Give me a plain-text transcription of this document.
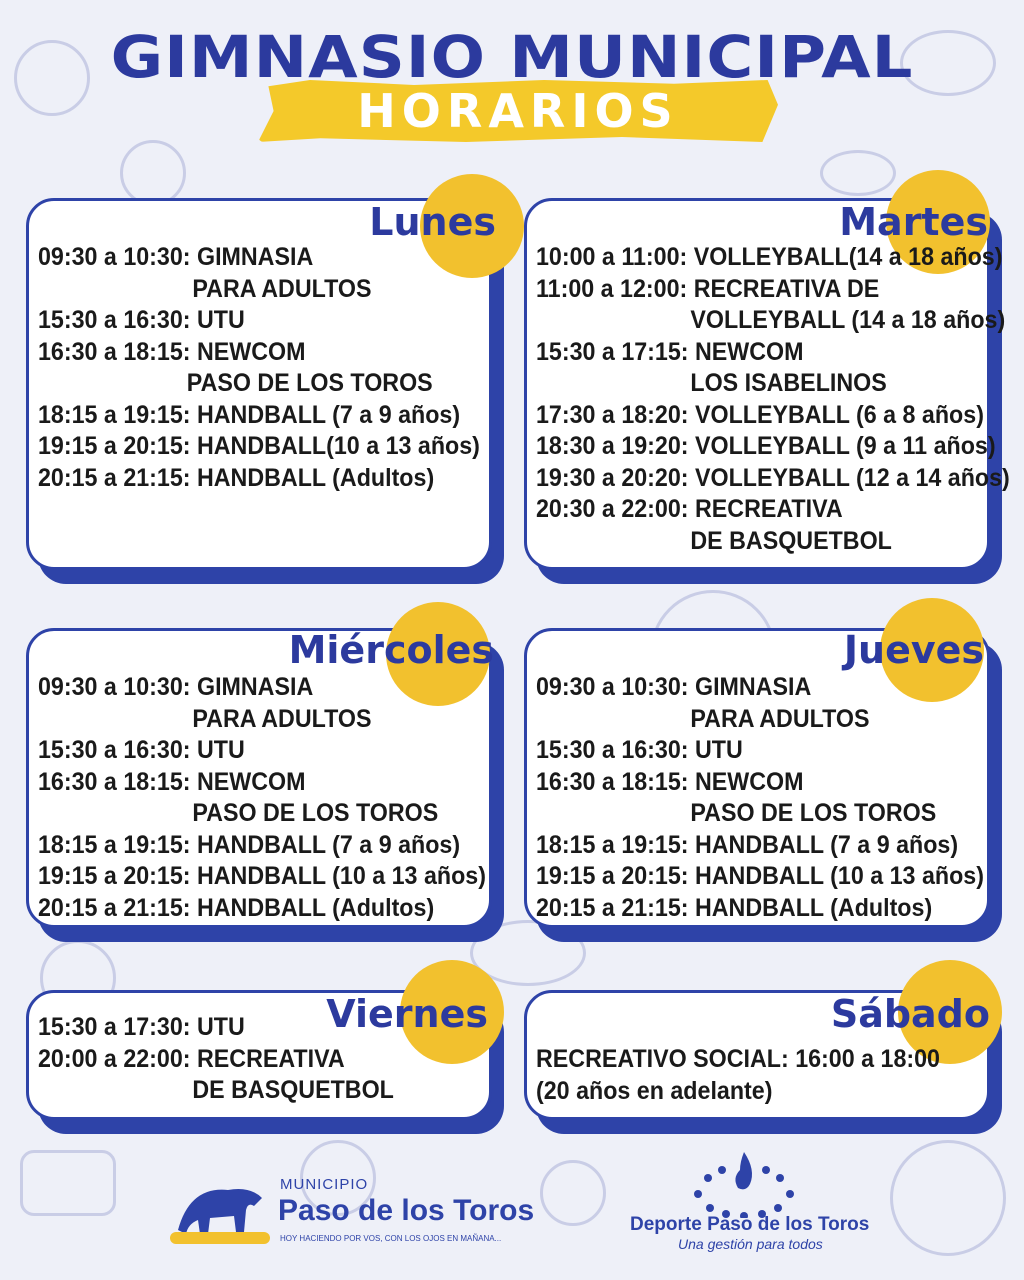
GIMNASIO MUNICIPAL
HORARIOS
Lunes
09:30 a 10:30: GIMNASIA
PARA ADULTOS
15:30 a 16:30: UTU
16:30 a 18:15: NEWCOM
PASO DE LOS TOROS
18:15 a 19:15: HANDBALL (7 a 9 años)
19:15 a 20:15: HANDBALL(10 a 13 años)
20:15 a 21:15: HANDBALL (Adultos)
Martes
10:00 a 11:00: VOLLEYBALL(14 a 18 años)
11:00 a 12:00: RECREATIVA DE
VOLLEYBALL (14 a 18 años)
15:30 a 17:15: NEWCOM
LOS ISABELINOS
17:30 a 18:20: VOLLEYBALL (6 a 8 años)
18:30 a 19:20: VOLLEYBALL (9 a 11 años)
19:30 a 20:20: VOLLEYBALL (12 a 14 años)
20:30 a 22:00: RECREATIVA
DE BASQUETBOL
Miércoles
09:30 a 10:30: GIMNASIA
PARA ADULTOS
15:30 a 16:30: UTU
16:30 a 18:15: NEWCOM
PASO DE LOS TOROS
18:15 a 19:15: HANDBALL (7 a 9 años)
19:15 a 20:15: HANDBALL (10 a 13 años)
20:15 a 21:15: HANDBALL (Adultos)
Jueves
09:30 a 10:30: GIMNASIA
PARA ADULTOS
15:30 a 16:30: UTU
16:30 a 18:15: NEWCOM
PASO DE LOS TOROS
18:15 a 19:15: HANDBALL (7 a 9 años)
19:15 a 20:15: HANDBALL (10 a 13 años)
20:15 a 21:15: HANDBALL (Adultos)
Viernes
15:30 a 17:30: UTU
20:00 a 22:00: RECREATIVA
DE BASQUETBOL
Sábado
RECREATIVO SOCIAL: 16:00 a 18:00
(20 años en adelante)
MUNICIPIO
Paso de los Toros
HOY HACIENDO POR VOS, CON LOS OJOS EN MAÑANA...
Deporte Paso de los Toros
Una gestión para todos
